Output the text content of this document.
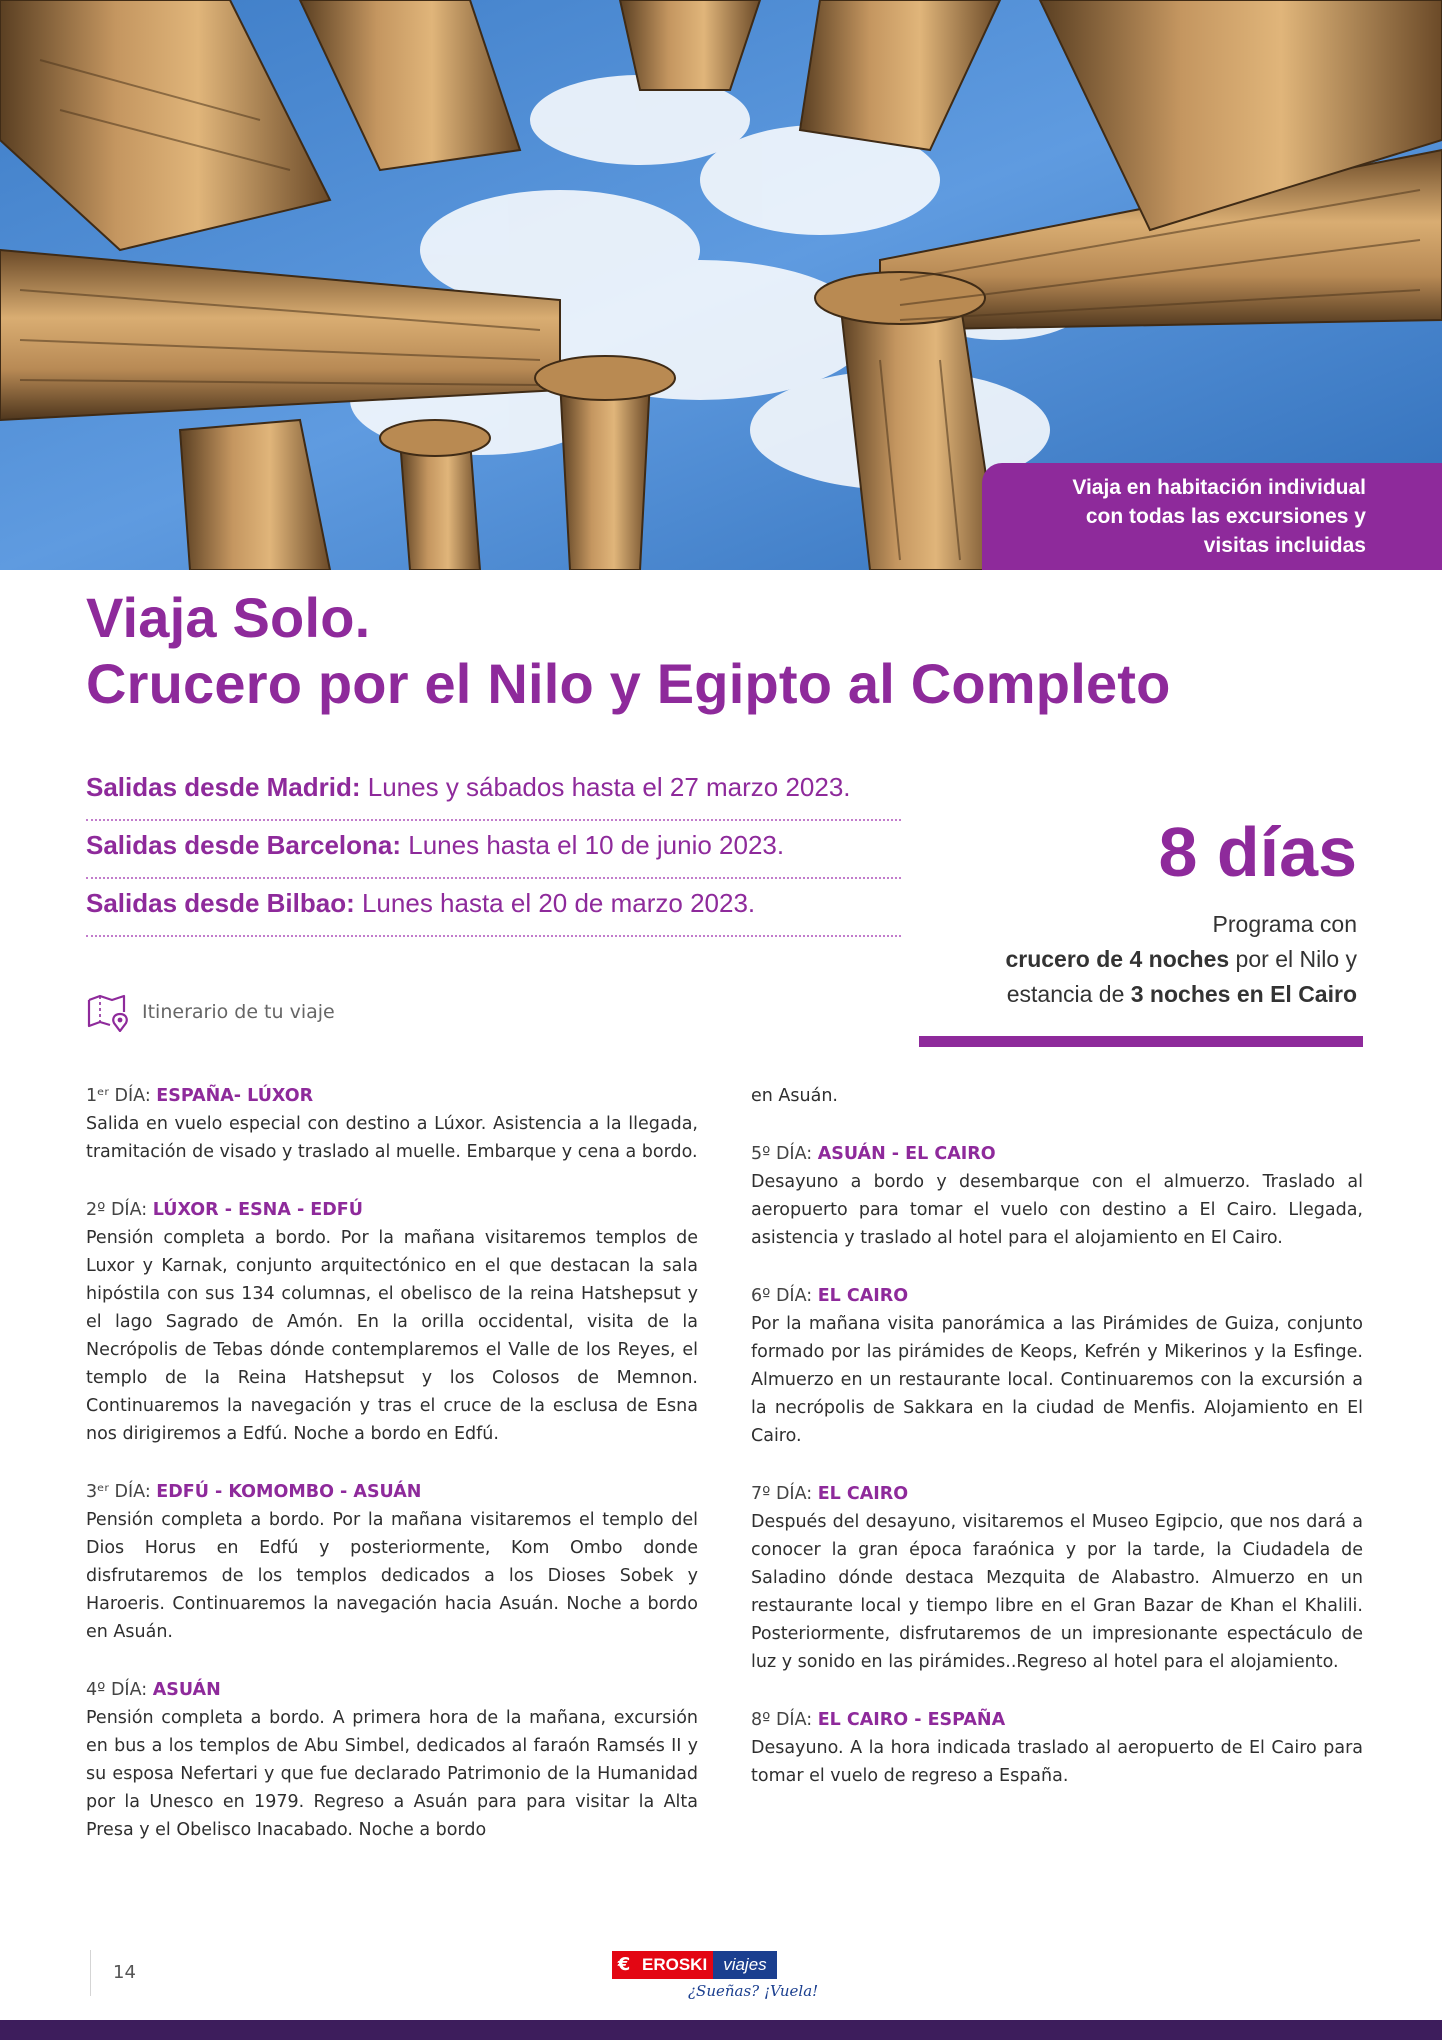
Viaja en habitación individual
con todas las excursiones y
visitas incluidas
Viaja Solo.
Crucero por el Nilo y Egipto al Completo
Salidas desde Madrid: Lunes y sábados hasta el 27 marzo 2023.
Salidas desde Barcelona: Lunes hasta el 10 de junio 2023.
Salidas desde Bilbao: Lunes hasta el 20 de marzo 2023.
8 días
Programa con
crucero de 4 noches por el Nilo y
estancia de 3 noches en El Cairo
Itinerario de tu viaje
1ᵉʳ DÍA: ESPAÑA- LÚXOR
Salida en vuelo especial con destino a Lúxor. Asistencia a la llegada, tramitación de visado y traslado al muelle. Embarque y cena a bordo.
2º DÍA: LÚXOR - ESNA - EDFÚ
Pensión completa a bordo. Por la mañana visitaremos templos de Luxor y Karnak, conjunto arquitectónico en el que destacan la sala hipóstila con sus 134 columnas, el obelisco de la reina Hatshepsut y el lago Sagrado de Amón. En la orilla occidental, visita de la Necrópolis de Tebas dónde contemplaremos el Valle de los Reyes, el templo de la Reina Hatshepsut y los Colosos de Memnon. Continuaremos la navegación y tras el cruce de la esclusa de Esna nos dirigiremos a Edfú. Noche a bordo en Edfú.
3ᵉʳ DÍA: EDFÚ - KOMOMBO - ASUÁN
Pensión completa a bordo. Por la mañana visitaremos el templo del Dios Horus en Edfú y posteriormente, Kom Ombo donde disfrutaremos de los templos dedicados a los Dioses Sobek y Haroeris. Continuaremos la navegación hacia Asuán. Noche a bordo en Asuán.
4º DÍA: ASUÁN
Pensión completa a bordo. A primera hora de la mañana, excursión en bus a los templos de Abu Simbel, dedicados al faraón Ramsés II y su esposa Nefertari y que fue declarado Patrimonio de la Humanidad por la Unesco en 1979. Regreso a Asuán para para visitar la Alta Presa y el Obelisco Inacabado. Noche a bordo
en Asuán.
5º DÍA: ASUÁN - EL CAIRO
Desayuno a bordo y desembarque con el almuerzo. Traslado al aeropuerto para tomar el vuelo con destino a El Cairo. Llegada, asistencia y traslado al hotel para el alojamiento en El Cairo.
6º DÍA: EL CAIRO
Por la mañana visita panorámica a las Pirámides de Guiza, conjunto formado por las pirámides de Keops, Kefrén y Mikerinos y la Esfinge. Almuerzo en un restaurante local. Continuaremos con la excursión a la necrópolis de Sakkara en la ciudad de Menfis. Alojamiento en El Cairo.
7º DÍA: EL CAIRO
Después del desayuno, visitaremos el Museo Egipcio, que nos dará a conocer la gran época faraónica y por la tarde, la Ciudadela de Saladino dónde destaca Mezquita de Alabastro. Almuerzo en un restaurante local y tiempo libre en el Gran Bazar de Khan el Khalili. Posteriormente, disfrutaremos de un impresionante espectáculo de luz y sonido en las pirámides..Regreso al hotel para el alojamiento.
8º DÍA: EL CAIRO - ESPAÑA
Desayuno. A la hora indicada traslado al aeropuerto de El Cairo para tomar el vuelo de regreso a España.
14	€ EROSKI viajes
¿Sueñas? ¡Vuela!
